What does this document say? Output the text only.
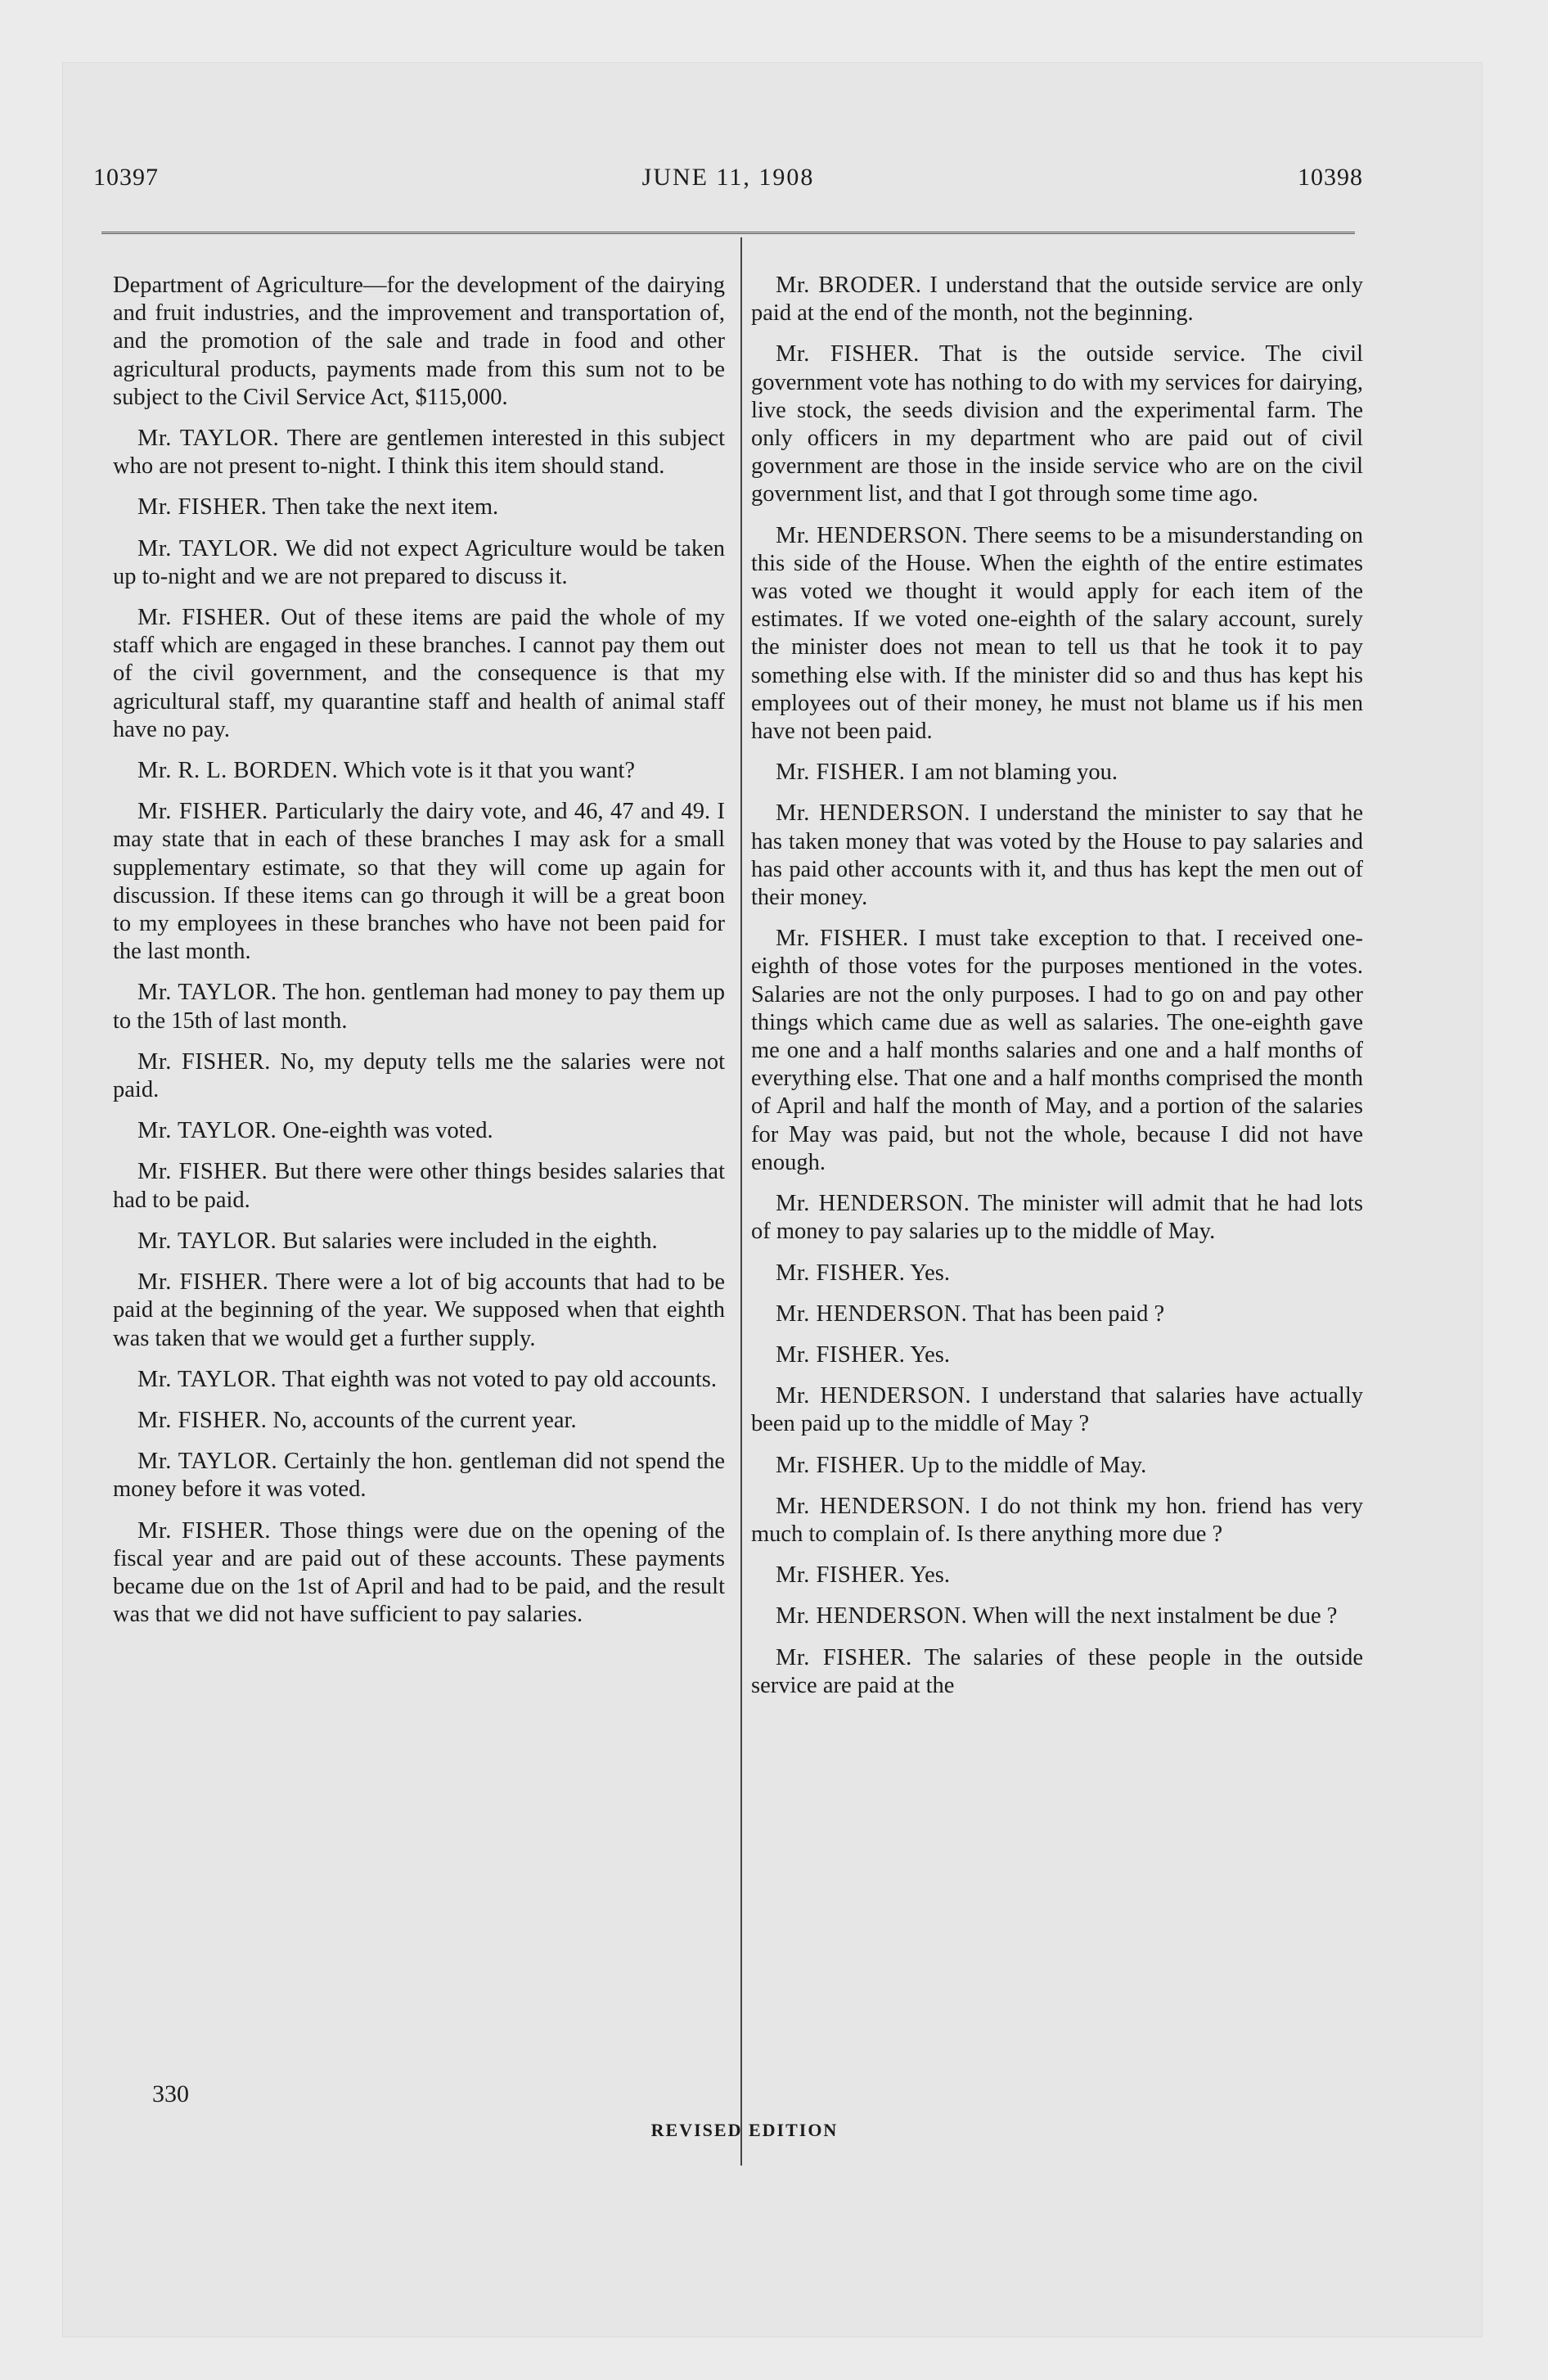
10397	JUNE 11, 1908	10398

Department of Agriculture—for the development of the dairying and fruit industries, and the improvement and transportation of, and the promotion of the sale and trade in food and other agricultural products, payments made from this sum not to be subject to the Civil Service Act, $115,000.

Mr. TAYLOR. There are gentlemen interested in this subject who are not present to-night. I think this item should stand.

Mr. FISHER. Then take the next item.

Mr. TAYLOR. We did not expect Agriculture would be taken up to-night and we are not prepared to discuss it.

Mr. FISHER. Out of these items are paid the whole of my staff which are engaged in these branches. I cannot pay them out of the civil government, and the consequence is that my agricultural staff, my quarantine staff and health of animal staff have no pay.

Mr. R. L. BORDEN. Which vote is it that you want?

Mr. FISHER. Particularly the dairy vote, and 46, 47 and 49. I may state that in each of these branches I may ask for a small supplementary estimate, so that they will come up again for discussion. If these items can go through it will be a great boon to my employees in these branches who have not been paid for the last month.

Mr. TAYLOR. The hon. gentleman had money to pay them up to the 15th of last month.

Mr. FISHER. No, my deputy tells me the salaries were not paid.

Mr. TAYLOR. One-eighth was voted.

Mr. FISHER. But there were other things besides salaries that had to be paid.

Mr. TAYLOR. But salaries were included in the eighth.

Mr. FISHER. There were a lot of big accounts that had to be paid at the beginning of the year. We supposed when that eighth was taken that we would get a further supply.

Mr. TAYLOR. That eighth was not voted to pay old accounts.

Mr. FISHER. No, accounts of the current year.

Mr. TAYLOR. Certainly the hon. gentleman did not spend the money before it was voted.

Mr. FISHER. Those things were due on the opening of the fiscal year and are paid out of these accounts. These payments became due on the 1st of April and had to be paid, and the result was that we did not have sufficient to pay salaries.

Mr. BRODER. I understand that the outside service are only paid at the end of the month, not the beginning.

Mr. FISHER. That is the outside service. The civil government vote has nothing to do with my services for dairying, live stock, the seeds division and the experimental farm. The only officers in my department who are paid out of civil government are those in the inside service who are on the civil government list, and that I got through some time ago.

Mr. HENDERSON. There seems to be a misunderstanding on this side of the House. When the eighth of the entire estimates was voted we thought it would apply for each item of the estimates. If we voted one-eighth of the salary account, surely the minister does not mean to tell us that he took it to pay something else with. If the minister did so and thus has kept his employees out of their money, he must not blame us if his men have not been paid.

Mr. FISHER. I am not blaming you.

Mr. HENDERSON. I understand the minister to say that he has taken money that was voted by the House to pay salaries and has paid other accounts with it, and thus has kept the men out of their money.

Mr. FISHER. I must take exception to that. I received one-eighth of those votes for the purposes mentioned in the votes. Salaries are not the only purposes. I had to go on and pay other things which came due as well as salaries. The one-eighth gave me one and a half months salaries and one and a half months of everything else. That one and a half months comprised the month of April and half the month of May, and a portion of the salaries for May was paid, but not the whole, because I did not have enough.

Mr. HENDERSON. The minister will admit that he had lots of money to pay salaries up to the middle of May.

Mr. FISHER. Yes.

Mr. HENDERSON. That has been paid ?

Mr. FISHER. Yes.

Mr. HENDERSON. I understand that salaries have actually been paid up to the middle of May ?

Mr. FISHER. Up to the middle of May.

Mr. HENDERSON. I do not think my hon. friend has very much to complain of. Is there anything more due ?

Mr. FISHER. Yes.

Mr. HENDERSON. When will the next instalment be due ?

Mr. FISHER. The salaries of these people in the outside service are paid at the

330
REVISED EDITION
